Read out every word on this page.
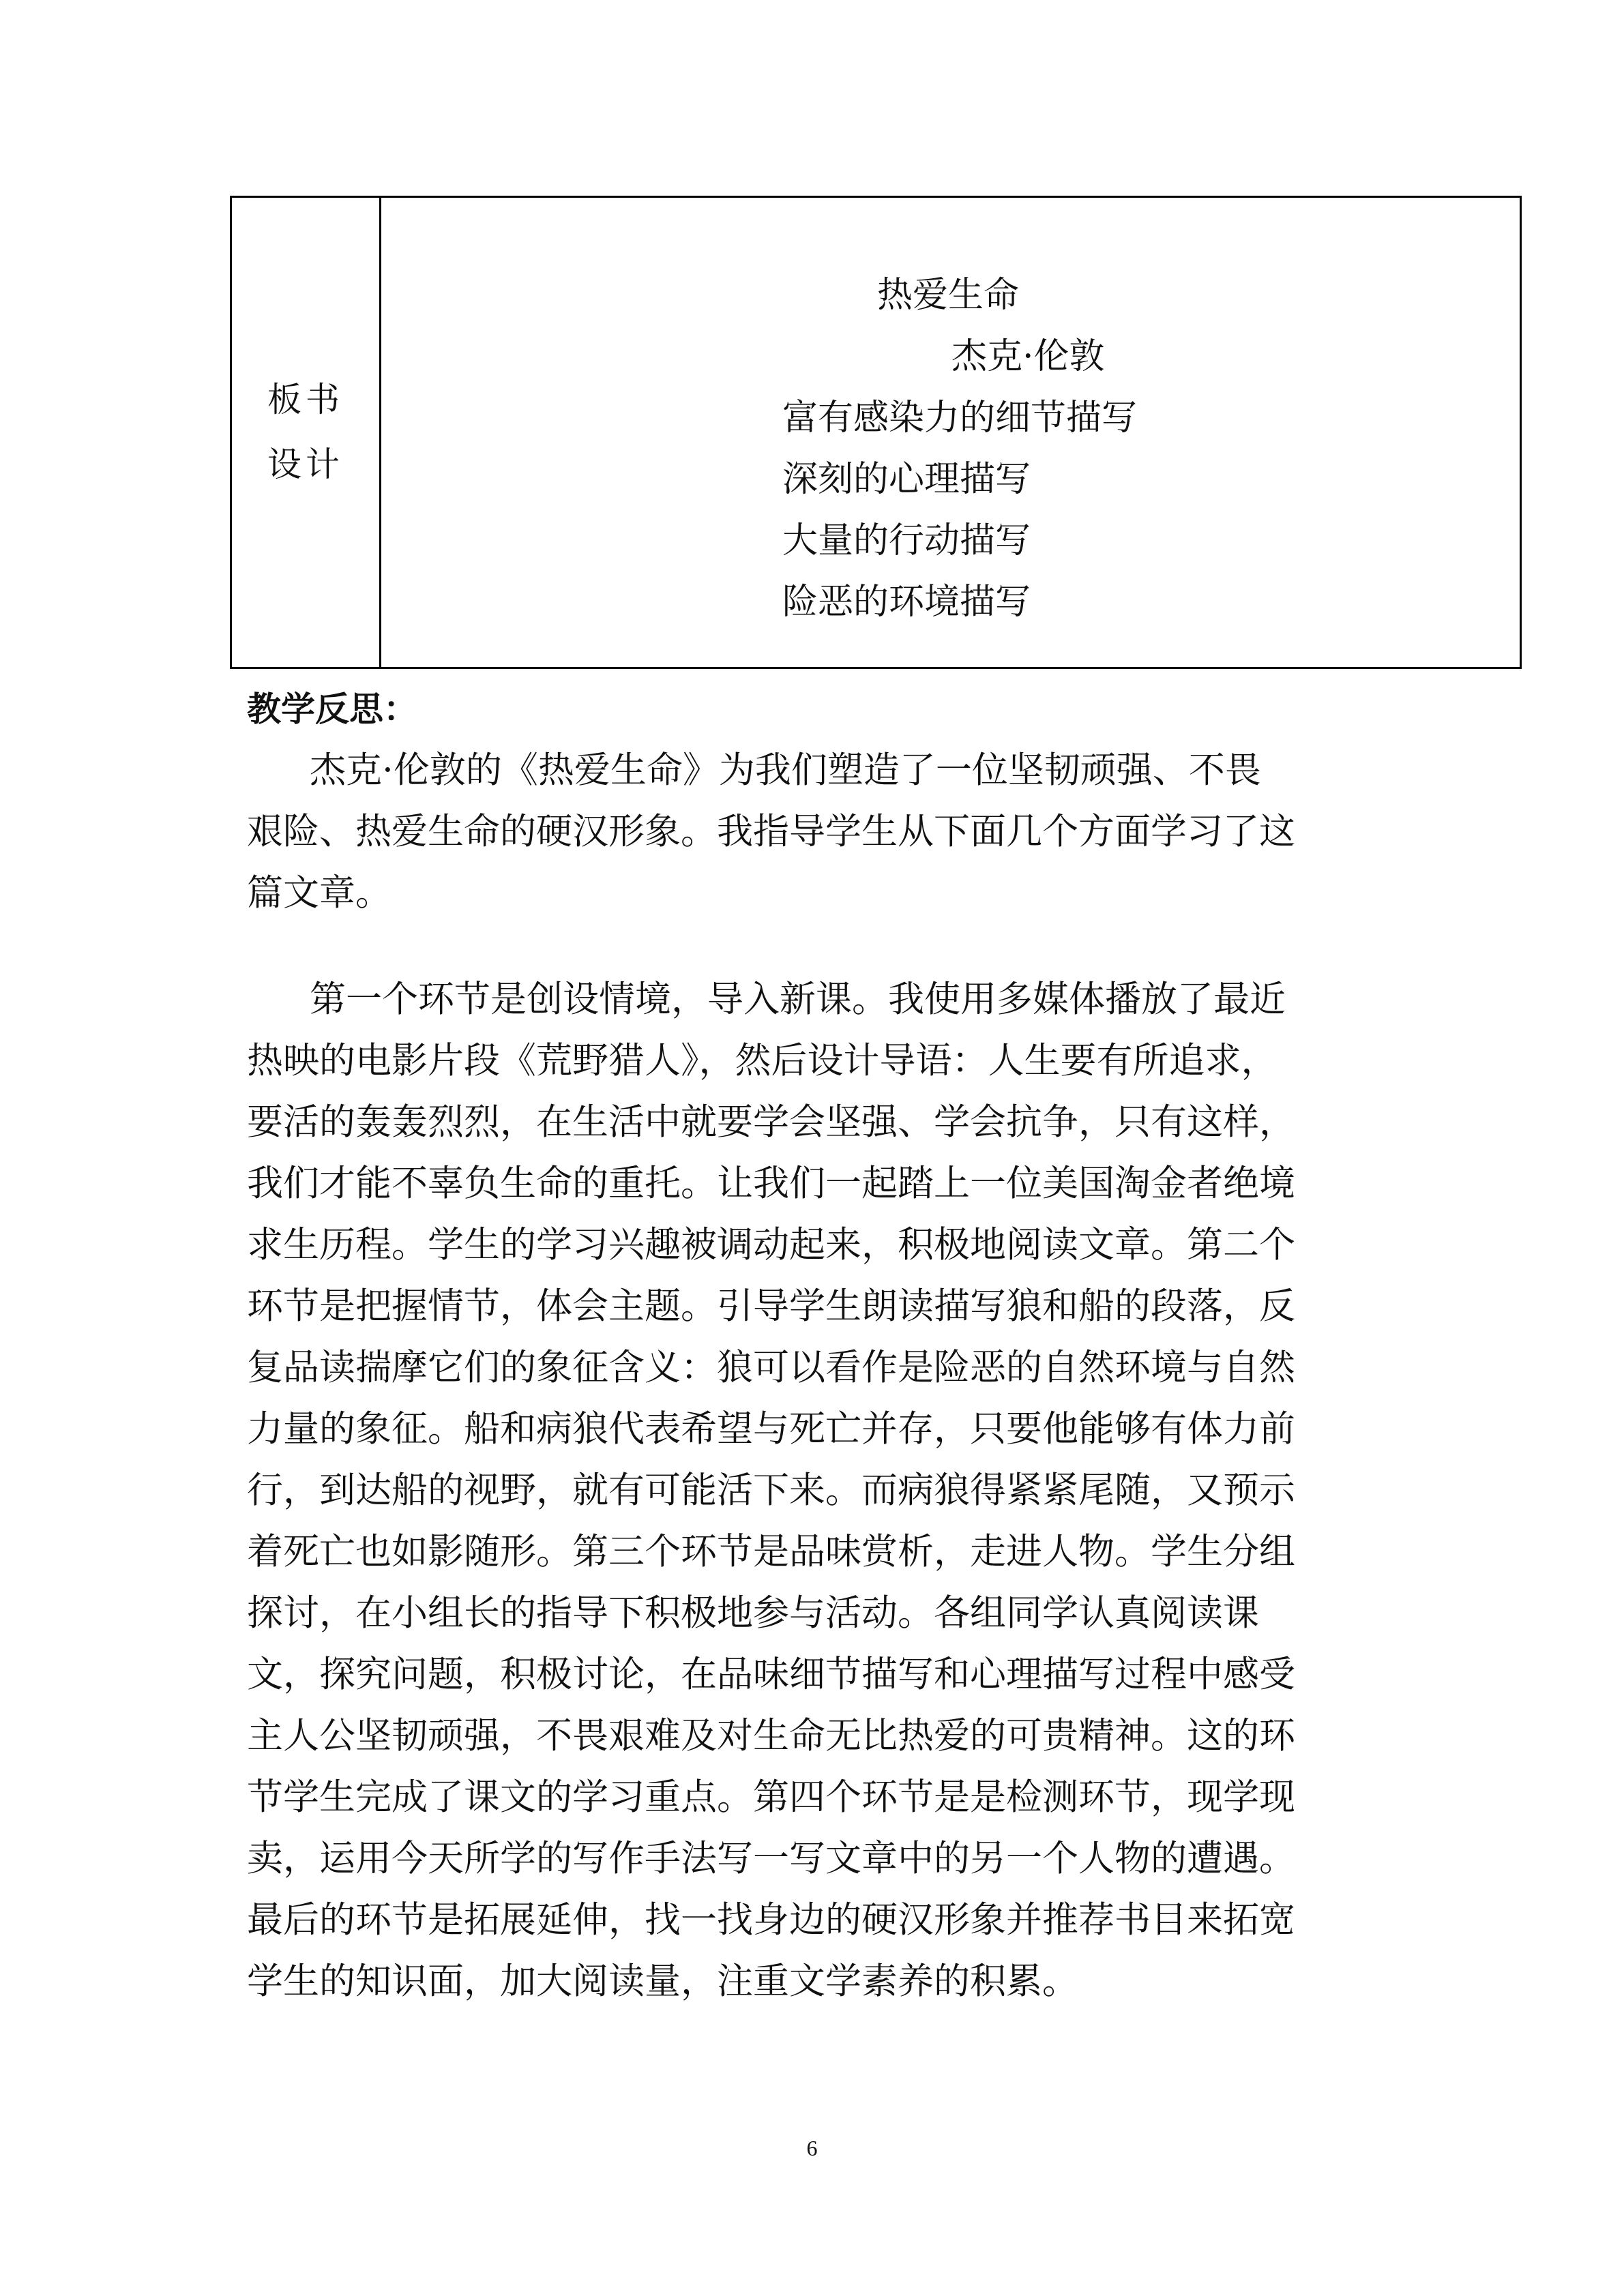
板书
设计
热爱生命
杰克·伦敦
富有感染力的细节描写
深刻的心理描写
大量的行动描写
险恶的环境描写
教学反思：
杰克·伦敦的《热爱生命》为我们塑造了一位坚韧顽强、不畏
艰险、热爱生命的硬汉形象。我指导学生从下面几个方面学习了这
篇文章。
第一个环节是创设情境，导入新课。我使用多媒体播放了最近
热映的电影片段《荒野猎人》，然后设计导语：人生要有所追求，
要活的轰轰烈烈，在生活中就要学会坚强、学会抗争，只有这样，
我们才能不辜负生命的重托。让我们一起踏上一位美国淘金者绝境
求生历程。学生的学习兴趣被调动起来，积极地阅读文章。第二个
环节是把握情节，体会主题。引导学生朗读描写狼和船的段落，反
复品读揣摩它们的象征含义：狼可以看作是险恶的自然环境与自然
力量的象征。船和病狼代表希望与死亡并存，只要他能够有体力前
行，到达船的视野，就有可能活下来。而病狼得紧紧尾随，又预示
着死亡也如影随形。第三个环节是品味赏析，走进人物。学生分组
探讨，在小组长的指导下积极地参与活动。各组同学认真阅读课
文，探究问题，积极讨论，在品味细节描写和心理描写过程中感受
主人公坚韧顽强，不畏艰难及对生命无比热爱的可贵精神。这的环
节学生完成了课文的学习重点。第四个环节是是检测环节，现学现
卖，运用今天所学的写作手法写一写文章中的另一个人物的遭遇。
最后的环节是拓展延伸，找一找身边的硬汉形象并推荐书目来拓宽
学生的知识面，加大阅读量，注重文学素养的积累。
6
